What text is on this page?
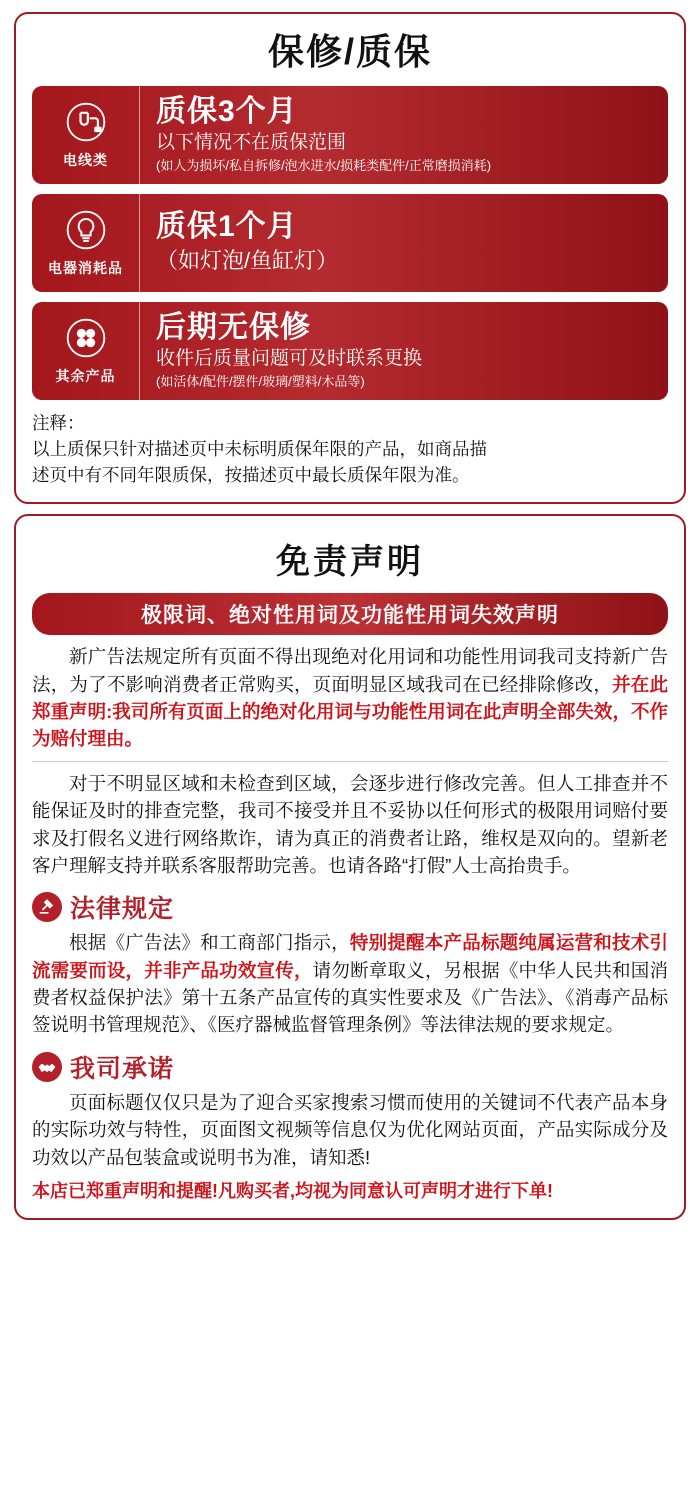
保修/质保
电线类
质保3个月
以下情况不在质保范围
(如人为损坏/私自拆修/泡水进水/损耗类配件/正常磨损消耗)
电器消耗品
质保1个月
（如灯泡/鱼缸灯）
其余产品
后期无保修
收件后质量问题可及时联系更换
(如活体/配件/摆件/玻璃/塑料/木品等)
注释：
以上质保只针对描述页中未标明质保年限的产品，如商品描
述页中有不同年限质保，按描述页中最长质保年限为准。
免责声明
极限词、绝对性用词及功能性用词失效声明

新广告法规定所有页面不得出现绝对化用词和功能性用词我司支持新广告法，为了不影响消费者正常购买，页面明显区域我司在已经排除修改，并在此郑重声明:我司所有页面上的绝对化用词与功能性用词在此声明全部失效，不作为赔付理由。

对于不明显区域和未检查到区域，会逐步进行修改完善。但人工排查并不能保证及时的排查完整，我司不接受并且不妥协以任何形式的极限用词赔付要求及打假名义进行网络欺诈，请为真正的消费者让路，维权是双向的。望新老客户理解支持并联系客服帮助完善。也请各路“打假”人士高抬贵手。

法律规定

根据《广告法》和工商部门指示，特别提醒本产品标题纯属运营和技术引流需要而设，并非产品功效宣传，请勿断章取义，另根据《中华人民共和国消费者权益保护法》第十五条产品宣传的真实性要求及《广告法》、《消毒产品标签说明书管理规范》、《医疗器械监督管理条例》等法律法规的要求规定。

我司承诺

页面标题仅仅只是为了迎合买家搜索习惯而使用的关键词不代表产品本身的实际功效与特性，页面图文视频等信息仅为优化网站页面，产品实际成分及功效以产品包装盒或说明书为准，请知悉!

本店已郑重声明和提醒!凡购买者,均视为同意认可声明才进行下单!
